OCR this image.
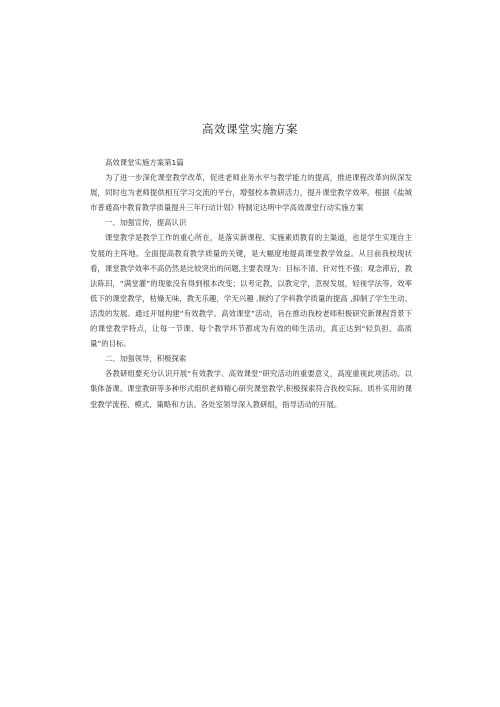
高效课堂实施方案

高效课堂实施方案第1篇

为了进一步深化课堂教学改革，促进老师业务水平与教学能力的提高，推进课程改革向纵深发展，同时也为老师提供相互学习交流的平台，增强校本教研活力，提升课堂教学效率。根据《盐城市普通高中教育教学质量提升三年行动计划》特制定达明中学高效课堂行动实施方案

一、加强宣传，提高认识

课堂教学是教学工作的重心所在，是落实新课程、实施素质教育的主渠道，也是学生实现自主发展的主阵地。全面提高教育教学质量的关键，是大幅度地提高课堂教学效益。从目前我校现状看，课堂教学效率不高仍然是比较突出的问题,主要表现为：目标不清、针对性不强；观念滞后，教法陈旧，“满堂灌”的现象没有得到根本改变；以考定教、以教定学，忽视发展，轻视学法等。效率低下的课堂教学，枯燥无味，教无乐趣，学无兴趣 ,制约了学科教学质量的提高 ,抑制了学生生动、活泼的发展。通过开展构建“有效教学、高效课堂”活动，旨在推动我校老师积极研究新课程背景下的课堂教学特点，让每一节课、每个教学环节都成为有效的师生活动，真正达到“轻负担、高质量”的目标。

二、加强领导，积极探索

各教研组要充分认识开展“有效教学、高效课堂”研究活动的重要意义，高度重视此项活动。以集体备课、课堂教研等多种形式组织老师精心研究课堂教学,积极探索符合我校实际、质朴实用的课堂教学流程、模式、策略和方法。各处室领导深入教研组，指导活动的开展。
